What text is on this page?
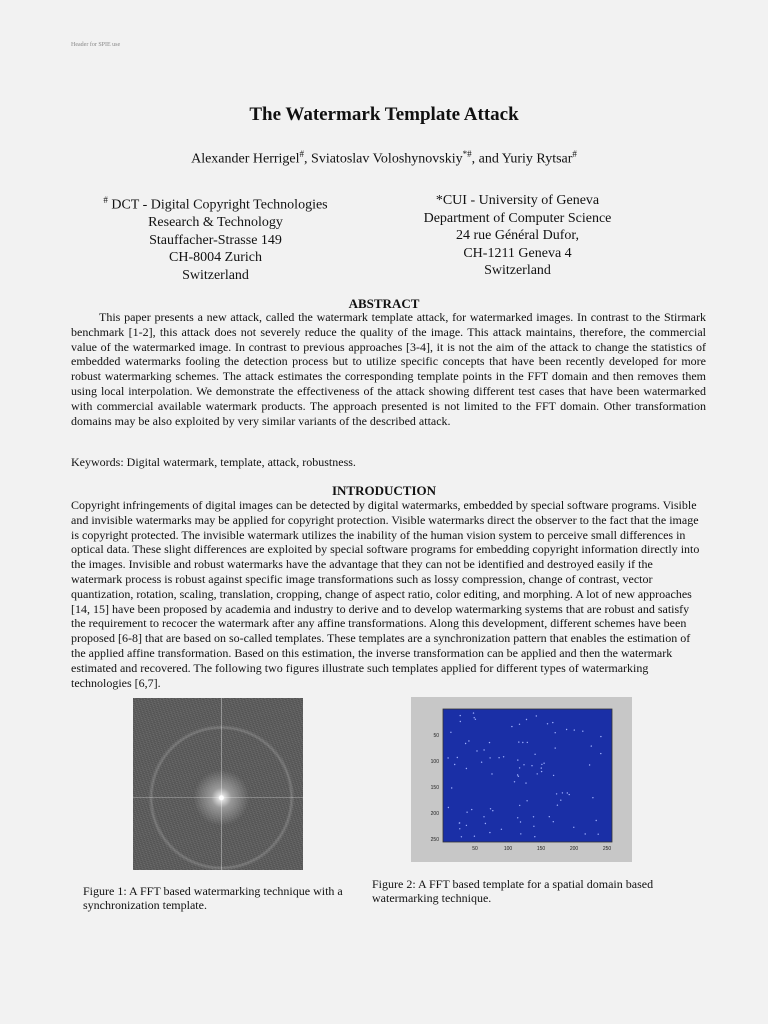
Header for SPIE use
The Watermark Template Attack
Alexander Herrigel#, Sviatoslav Voloshynovskiy*#, and Yuriy Rytsar#
# DCT - Digital Copyright Technologies
Research & Technology
Stauffacher-Strasse 149
CH-8004 Zurich
Switzerland
*CUI - University of Geneva
Department of Computer Science
24 rue Général Dufor,
CH-1211 Geneva 4
Switzerland
ABSTRACT

This paper presents a new attack, called the watermark template attack, for watermarked images. In contrast to the Stirmark benchmark [1-2], this attack does not severely reduce the quality of the image. This attack maintains, therefore, the commercial value of the watermarked image. In contrast to previous approaches [3-4], it is not the aim of the attack to change the statistics of embedded watermarks fooling the detection process but to utilize specific concepts that have been recently developed for more robust watermarking schemes. The attack estimates the corresponding template points in the FFT domain and then removes them using local interpolation. We demonstrate the effectiveness of the attack showing different test cases that have been watermarked with commercial available watermark products. The approach presented is not limited to the FFT domain. Other transformation domains may be also exploited by very similar variants of the described attack.

Keywords: Digital watermark, template, attack, robustness.
INTRODUCTION

Copyright infringements of digital images can be detected by digital watermarks, embedded by special software programs. Visible and invisible watermarks may be applied for copyright protection. Visible watermarks direct the observer to the fact that the image is copyright protected. The invisible watermark utilizes the inability of the human vision system to perceive small differences in optical data. These slight differences are exploited by special software programs for embedding copyright information directly into the images. Invisible and robust watermarks have the advantage that they can not be identified and destroyed easily if the watermark process is robust against specific image transformations such as lossy compression, change of contrast, vector quantization, rotation, scaling, translation, cropping, change of aspect ratio, color editing, and morphing. A lot of new approaches [14, 15] have been proposed by academia and industry to derive and to develop watermarking systems that are robust and satisfy the requirement to recocer the watermark after any affine transformations. Along this development, different schemes have been proposed [6-8] that are based on so-called templates. These templates are a synchronization pattern that enables the estimation of the applied affine transformation. Based on this estimation, the inverse transformation can be applied and then the watermark estimated and recovered. The following two figures illustrate such templates applied for different types of watermarking technologies [6,7].

50
100
150
200
250
50	100	150	200	250
Figure 1: A FFT based watermarking technique with a synchronization template.
Figure 2: A FFT based template for a spatial domain based watermarking technique.
